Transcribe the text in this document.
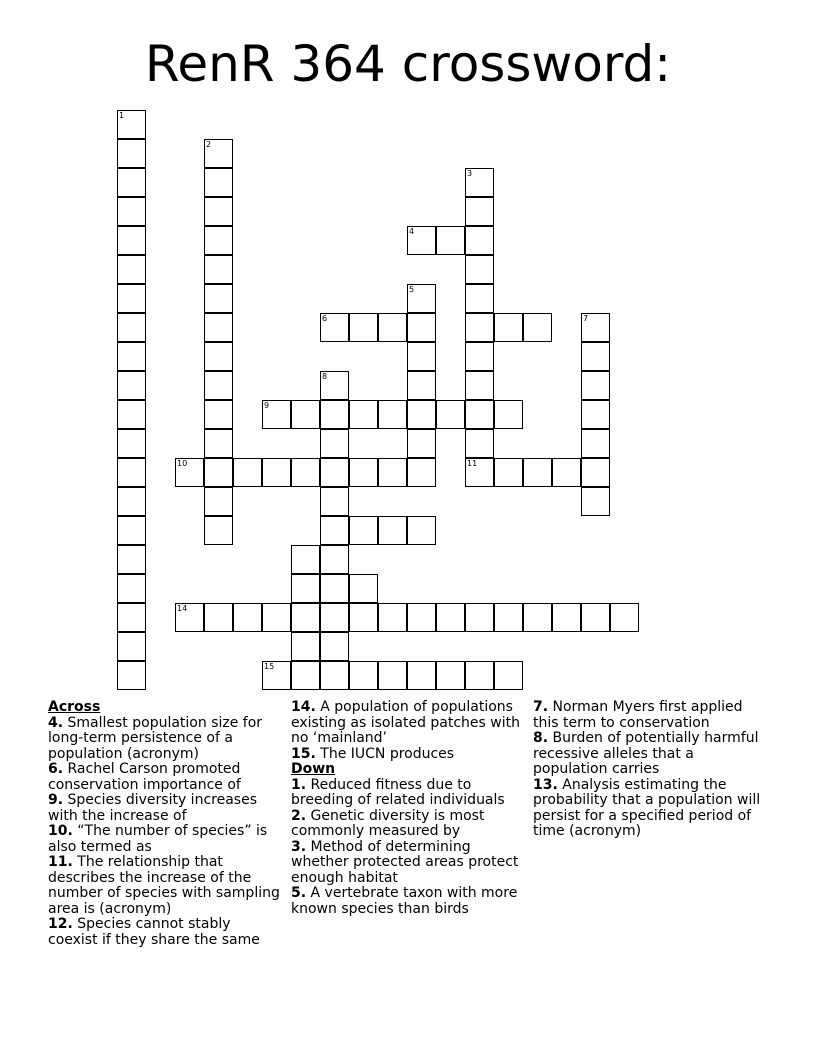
RenR 364 crossword:
1
2
3
11
4
5
6	7
8
9
10
14
15
Across
4. Smallest population size for long-term persistence of a population (acronym)
6. Rachel Carson promoted conservation importance of
9. Species diversity increases with the increase of
10. “The number of species” is also termed as
11. The relationship that describes the increase of the number of species with sampling area is (acronym)
12. Species cannot stably coexist if they share the same
14. A population of populations existing as isolated patches with no ‘mainland’
15. The IUCN produces
Down
1. Reduced fitness due to breeding of related individuals
2. Genetic diversity is most commonly measured by
3. Method of determining whether protected areas protect enough habitat
5. A vertebrate taxon with more known species than birds
7. Norman Myers first applied this term to conservation
8. Burden of potentially harmful recessive alleles that a population carries
13. Analysis estimating the probability that a population will persist for a specified period of time (acronym)
